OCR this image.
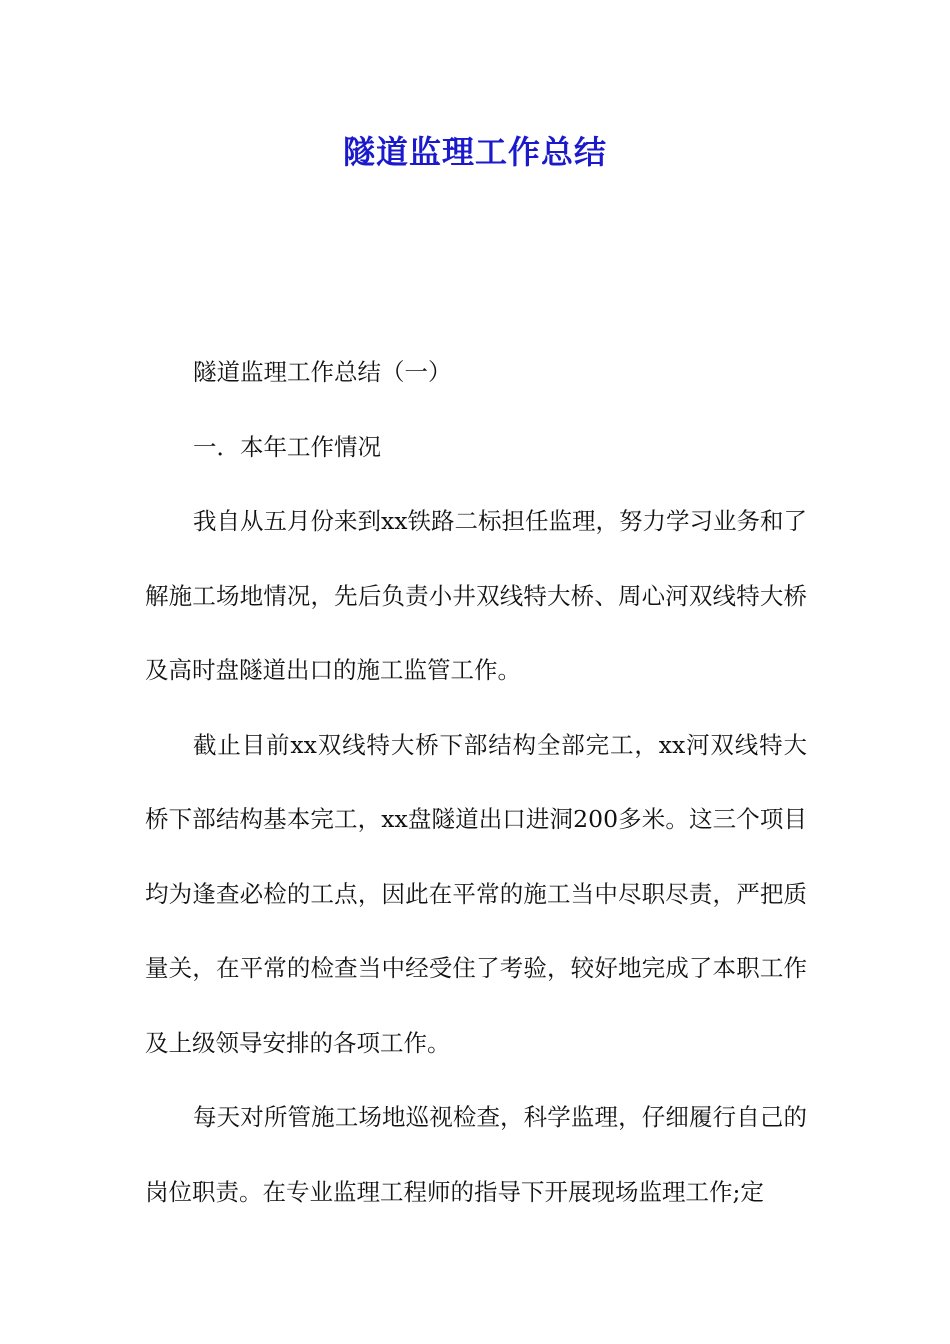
隧道监理工作总结

隧道监理工作总结（一）

一．本年工作情况

我自从五月份来到xx铁路二标担任监理，努力学习业务和了解施工场地情况，先后负责小井双线特大桥、周心河双线特大桥及高时盘隧道出口的施工监管工作。

截止目前xx双线特大桥下部结构全部完工，xx河双线特大桥下部结构基本完工，xx盘隧道出口进洞200多米。这三个项目均为逢查必检的工点，因此在平常的施工当中尽职尽责，严把质量关，在平常的检查当中经受住了考验，较好地完成了本职工作及上级领导安排的各项工作。

每天对所管施工场地巡视检查，科学监理，仔细履行自己的岗位职责。在专业监理工程师的指导下开展现场监理工作;定
